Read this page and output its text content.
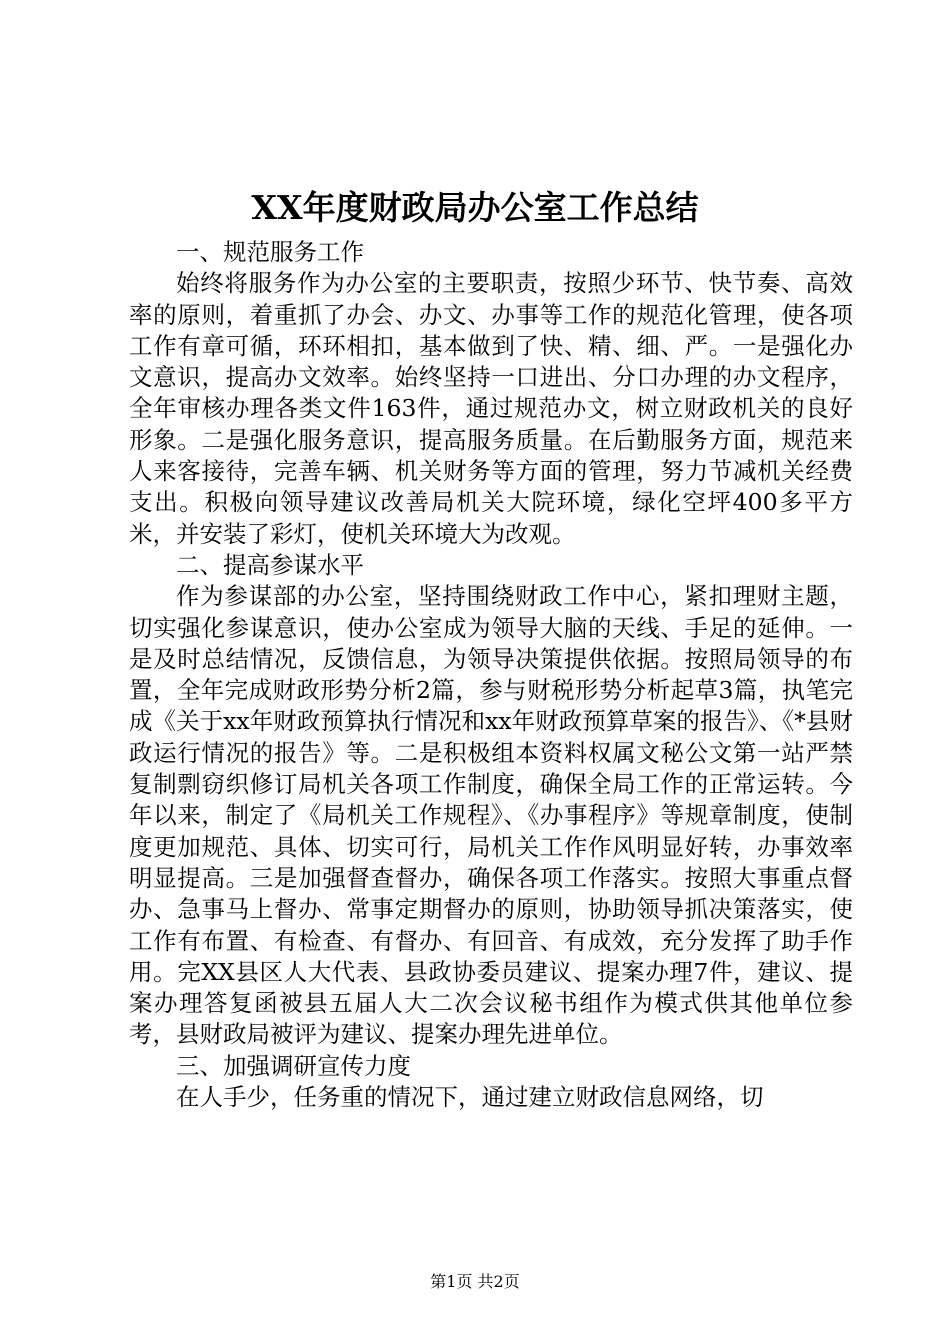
XX年度财政局办公室工作总结

一、规范服务工作

始终将服务作为办公室的主要职责，按照少环节、快节奏、高效率的原则，着重抓了办会、办文、办事等工作的规范化管理，使各项工作有章可循，环环相扣，基本做到了快、精、细、严。一是强化办文意识，提高办文效率。始终坚持一口进出、分口办理的办文程序，全年审核办理各类文件163件，通过规范办文，树立财政机关的良好形象。二是强化服务意识，提高服务质量。在后勤服务方面，规范来人来客接待，完善车辆、机关财务等方面的管理，努力节减机关经费支出。积极向领导建议改善局机关大院环境，绿化空坪400多平方米，并安装了彩灯，使机关环境大为改观。

二、提高参谋水平

作为参谋部的办公室，坚持围绕财政工作中心，紧扣理财主题，切实强化参谋意识，使办公室成为领导大脑的天线、手足的延伸。一是及时总结情况，反馈信息，为领导决策提供依据。按照局领导的布置，全年完成财政形势分析2篇，参与财税形势分析起草3篇，执笔完成《关于xx年财政预算执行情况和xx年财政预算草案的报告》、《*县财政运行情况的报告》等。二是积极组本资料权属文秘公文第一站严禁复制剽窃织修订局机关各项工作制度，确保全局工作的正常运转。今年以来，制定了《局机关工作规程》、《办事程序》等规章制度，使制度更加规范、具体、切实可行，局机关工作作风明显好转，办事效率明显提高。三是加强督查督办，确保各项工作落实。按照大事重点督办、急事马上督办、常事定期督办的原则，协助领导抓决策落实，使工作有布置、有检查、有督办、有回音、有成效，充分发挥了助手作用。完XX县区人大代表、县政协委员建议、提案办理7件，建议、提案办理答复函被县五届人大二次会议秘书组作为模式供其他单位参考，县财政局被评为建议、提案办理先进单位。

三、加强调研宣传力度

在人手少，任务重的情况下，通过建立财政信息网络，切

第1页 共2页
